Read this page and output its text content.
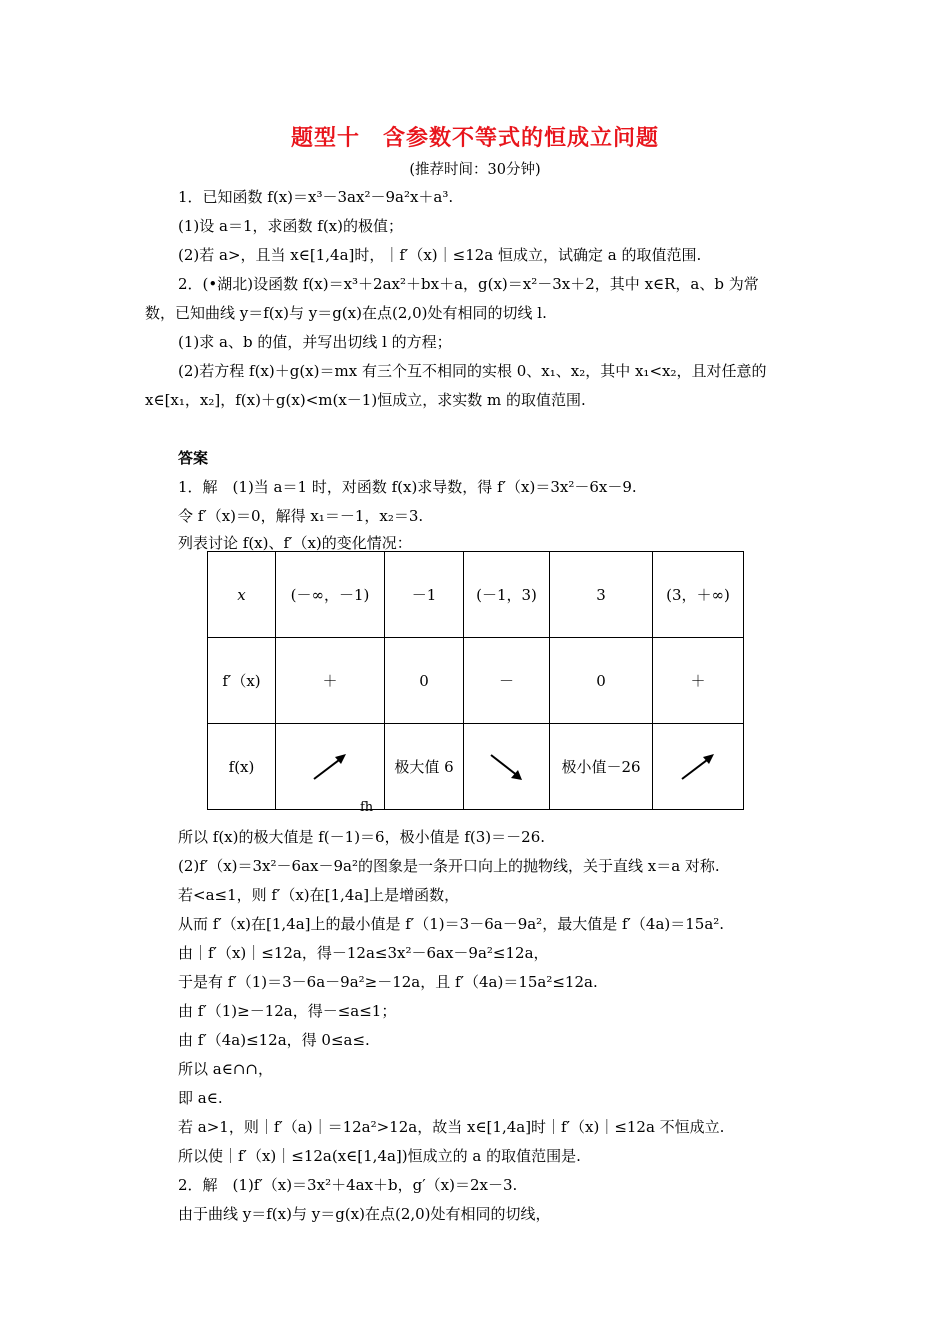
题型十　含参数不等式的恒成立问题
(推荐时间：30分钟)
1．已知函数 f(x)＝x³－3ax²－9a²x＋a³.
(1)设 a＝1，求函数 f(x)的极值；
(2)若 a>，且当 x∈[1,4a]时，｜f′（x)｜≤12a 恒成立，试确定 a 的取值范围.
2．(•湖北)设函数 f(x)＝x³＋2ax²＋bx＋a，g(x)＝x²－3x＋2，其中 x∈R，a、b 为常
数，已知曲线 y＝f(x)与 y＝g(x)在点(2,0)处有相同的切线 l.
(1)求 a、b 的值，并写出切线 l 的方程；
(2)若方程 f(x)＋g(x)＝mx 有三个互不相同的实根 0、x₁、x₂，其中 x₁<x₂，且对任意的
x∈[x₁，x₂]，f(x)＋g(x)<m(x－1)恒成立，求实数 m 的取值范围.
答案
1．解　(1)当 a＝1 时，对函数 f(x)求导数，得 f′（x)＝3x²－6x－9.
令 f′（x)＝0，解得 x₁＝－1，x₂＝3.
列表讨论 f(x)、f′（x)的变化情况：
x	(－∞，－1)	－1	(－1，3)	3	(3，＋∞)
f′（x)	＋	0	－	0	＋
f(x)		极大值 6		极小值－26	
fh
所以 f(x)的极大值是 f(－1)＝6，极小值是 f(3)＝－26.
(2)f′（x)＝3x²－6ax－9a²的图象是一条开口向上的抛物线，关于直线 x＝a 对称.
若<a≤1，则 f′（x)在[1,4a]上是增函数，
从而 f′（x)在[1,4a]上的最小值是 f′（1)＝3－6a－9a²，最大值是 f′（4a)＝15a².
由｜f′（x)｜≤12a，得－12a≤3x²－6ax－9a²≤12a，
于是有 f′（1)＝3－6a－9a²≥－12a，且 f′（4a)＝15a²≤12a.
由 f′（1)≥－12a，得－≤a≤1；
由 f′（4a)≤12a，得 0≤a≤.
所以 a∈∩∩，
即 a∈.
若 a>1，则｜f′（a)｜＝12a²>12a，故当 x∈[1,4a]时｜f′（x)｜≤12a 不恒成立.
所以使｜f′（x)｜≤12a(x∈[1,4a])恒成立的 a 的取值范围是.
2．解　(1)f′（x)＝3x²＋4ax＋b，g′（x)＝2x－3.
由于曲线 y＝f(x)与 y＝g(x)在点(2,0)处有相同的切线，
